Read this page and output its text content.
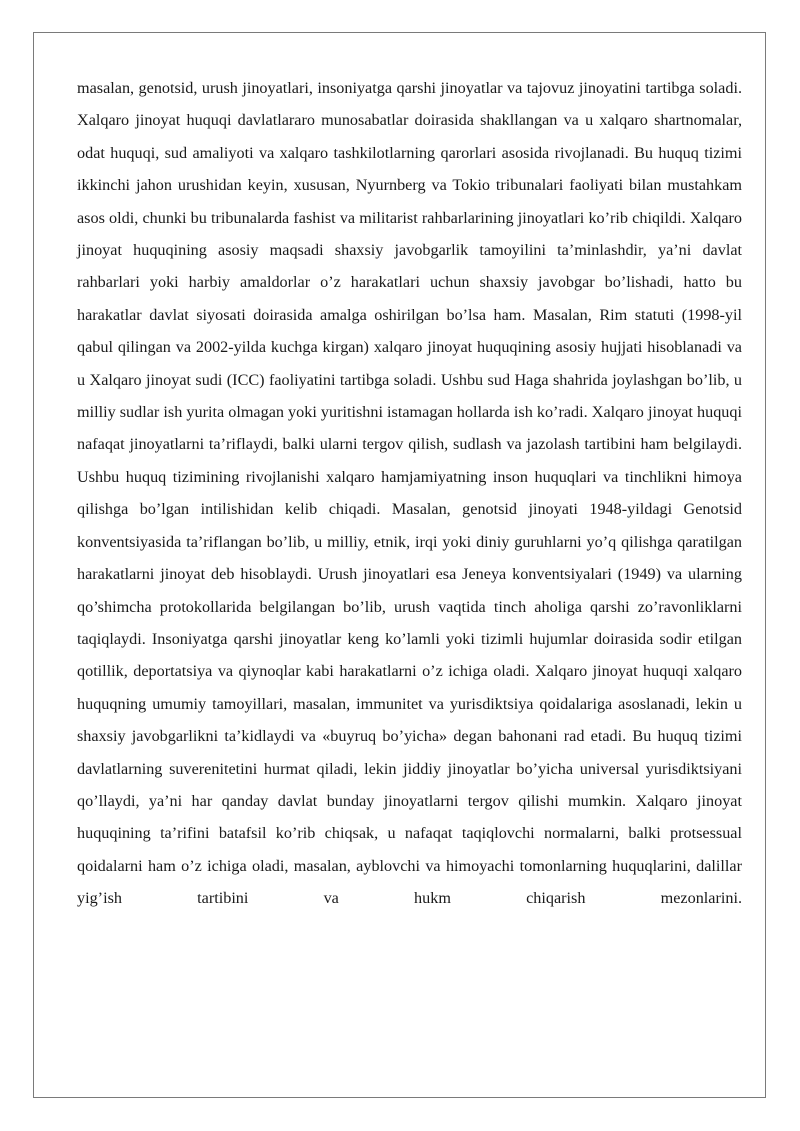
masalan, genotsid, urush jinoyatlari, insoniyatga qarshi jinoyatlar va tajovuz jinoyatini tartibga soladi. Xalqaro jinoyat huquqi davlatlararo munosabatlar doirasida shakllangan va u xalqaro shartnomalar, odat huquqi, sud amaliyoti va xalqaro tashkilotlarning qarorlari asosida rivojlanadi. Bu huquq tizimi ikkinchi jahon urushidan keyin, xususan, Nyurnberg va Tokio tribunalari faoliyati bilan mustahkam asos oldi, chunki bu tribunalarda fashist va militarist rahbarlarining jinoyatlari ko’rib chiqildi. Xalqaro jinoyat huquqining asosiy maqsadi shaxsiy javobgarlik tamoyilini ta’minlashdir, ya’ni davlat rahbarlari yoki harbiy amaldorlar o’z harakatlari uchun shaxsiy javobgar bo’lishadi, hatto bu harakatlar davlat siyosati doirasida amalga oshirilgan bo’lsa ham. Masalan, Rim statuti (1998-yil qabul qilingan va 2002-yilda kuchga kirgan) xalqaro jinoyat huquqining asosiy hujjati hisoblanadi va u Xalqaro jinoyat sudi (ICC) faoliyatini tartibga soladi. Ushbu sud Haga shahrida joylashgan bo’lib, u milliy sudlar ish yurita olmagan yoki yuritishni istamagan hollarda ish ko’radi. Xalqaro jinoyat huquqi nafaqat jinoyatlarni ta’riflaydi, balki ularni tergov qilish, sudlash va jazolash tartibini ham belgilaydi. Ushbu huquq tizimining rivojlanishi xalqaro hamjamiyatning inson huquqlari va tinchlikni himoya qilishga bo’lgan intilishidan kelib chiqadi. Masalan, genotsid jinoyati 1948-yildagi Genotsid konventsiyasida ta’riflangan bo’lib, u milliy, etnik, irqi yoki diniy guruhlarni yo’q qilishga qaratilgan harakatlarni jinoyat deb hisoblaydi. Urush jinoyatlari esa Jeneya konventsiyalari (1949) va ularning qo’shimcha protokollarida belgilangan bo’lib, urush vaqtida tinch aholiga qarshi zo’ravonliklarni taqiqlaydi. Insoniyatga qarshi jinoyatlar keng ko’lamli yoki tizimli hujumlar doirasida sodir etilgan qotillik, deportatsiya va qiynoqlar kabi harakatlarni o’z ichiga oladi. Xalqaro jinoyat huquqi xalqaro huquqning umumiy tamoyillari, masalan, immunitet va yurisdiktsiya qoidalariga asoslanadi, lekin u shaxsiy javobgarlikni ta’kidlaydi va «buyruq bo’yicha» degan bahonani rad etadi. Bu huquq tizimi davlatlarning suverenitetini hurmat qiladi, lekin jiddiy jinoyatlar bo’yicha universal yurisdiktsiyani qo’llaydi, ya’ni har qanday davlat bunday jinoyatlarni tergov qilishi mumkin. Xalqaro jinoyat huquqining ta’rifini batafsil ko’rib chiqsak, u nafaqat taqiqlovchi normalarni, balki protsessual qoidalarni ham o’z ichiga oladi, masalan, ayblovchi va himoyachi tomonlarning huquqlarini, dalillar yig’ish tartibini va hukm chiqarish mezonlarini.
